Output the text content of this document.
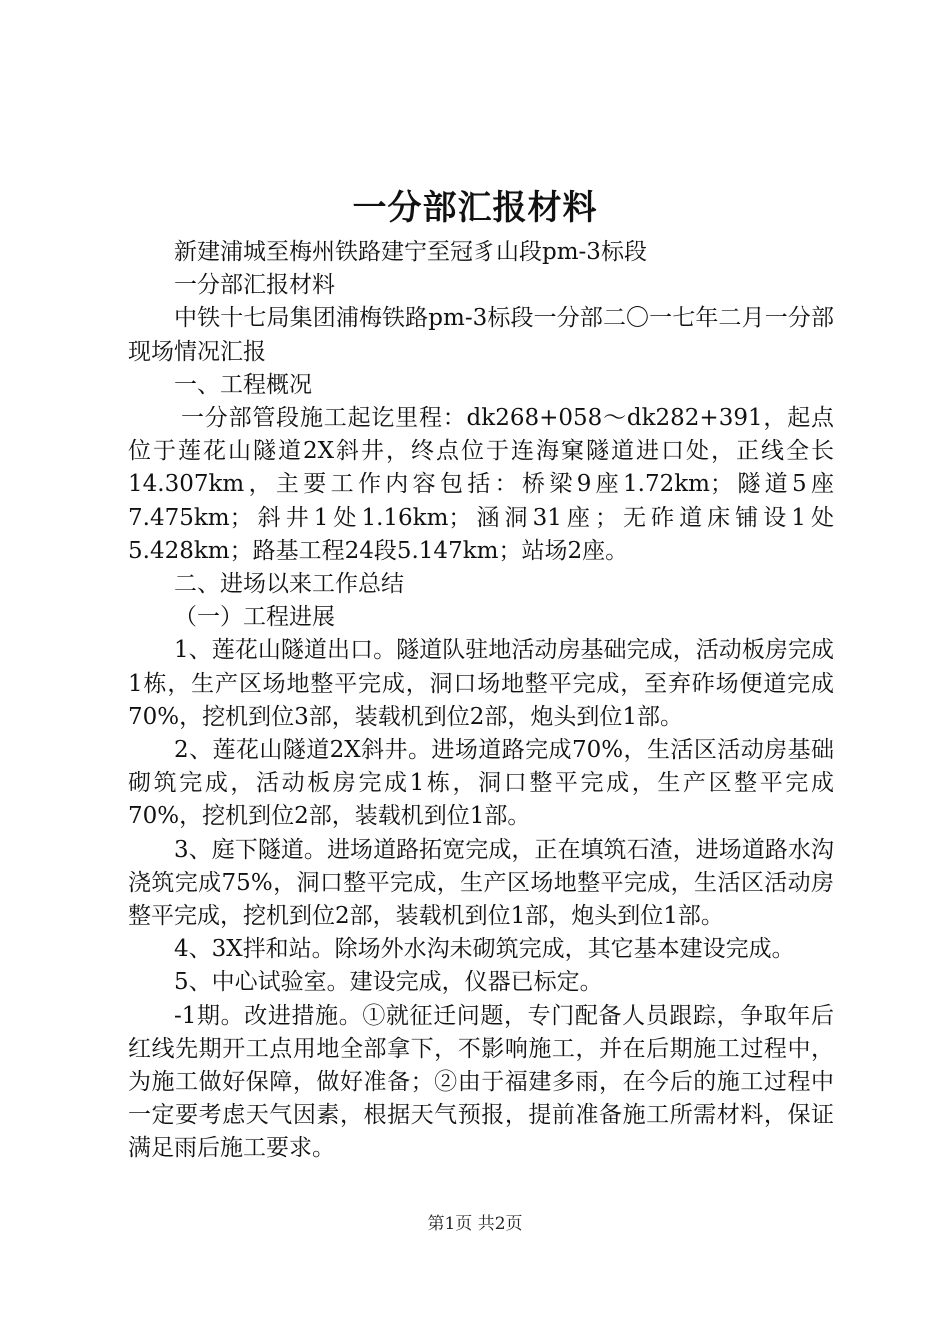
一分部汇报材料

新建浦城至梅州铁路建宁至冠豸山段pm-3标段

一分部汇报材料

中铁十七局集团浦梅铁路pm-3标段一分部二〇一七年二月一分部现场情况汇报

一、工程概况

一分部管段施工起讫里程：dk268+058～dk282+391，起点位于莲花山隧道2X斜井，终点位于连海窠隧道进口处，正线全长14.307km，主要工作内容包括：桥梁9座1.72km；隧道5座7.475km；斜井1处1.16km；涵洞31座；无砟道床铺设1处5.428km；路基工程24段5.147km；站场2座。

二、进场以来工作总结

（一）工程进展

1、莲花山隧道出口。隧道队驻地活动房基础完成，活动板房完成1栋，生产区场地整平完成，洞口场地整平完成，至弃砟场便道完成70%，挖机到位3部，装载机到位2部，炮头到位1部。

2、莲花山隧道2X斜井。进场道路完成70%，生活区活动房基础砌筑完成，活动板房完成1栋，洞口整平完成，生产区整平完成70%，挖机到位2部，装载机到位1部。

3、庭下隧道。进场道路拓宽完成，正在填筑石渣，进场道路水沟浇筑完成75%，洞口整平完成，生产区场地整平完成，生活区活动房整平完成，挖机到位2部，装载机到位1部，炮头到位1部。

4、3X拌和站。除场外水沟未砌筑完成，其它基本建设完成。

5、中心试验室。建设完成，仪器已标定。

-1期。改进措施。①就征迁问题，专门配备人员跟踪，争取年后红线先期开工点用地全部拿下，不影响施工，并在后期施工过程中，为施工做好保障，做好准备；②由于福建多雨，在今后的施工过程中一定要考虑天气因素，根据天气预报，提前准备施工所需材料，保证满足雨后施工要求。

第1页 共2页
